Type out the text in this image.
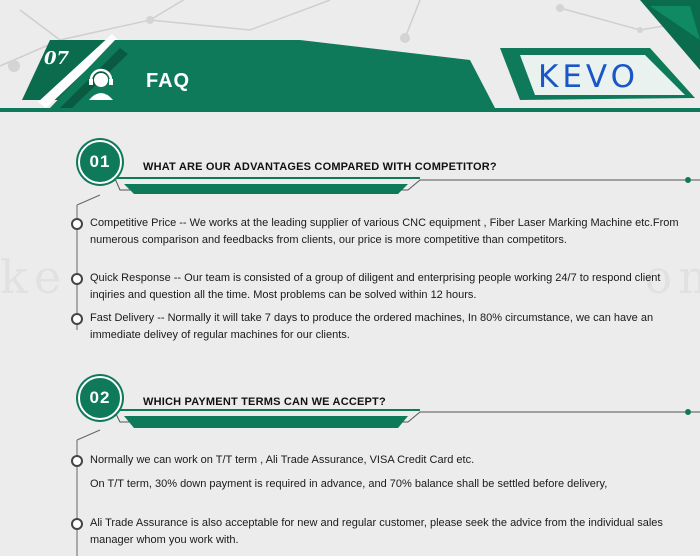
07
FAQ	KEVO
01	WHAT ARE OUR ADVANTAGES COMPARED WITH COMPETITOR?
Competitive Price -- We works at the leading supplier of various CNC equipment , Fiber Laser Marking Machine etc.From numerous comparison and feedbacks from clients, our price is more competitive than competitors.
Quick Response -- Our team is consisted of a group of diligent and enterprising people working 24/7 to respond client inqiries and question all the time. Most problems can be solved within 12 hours.
Fast Delivery -- Normally it will take 7 days to produce the ordered machines, In 80% circumstance, we can have an immediate delivey of regular machines for our clients.
02	WHICH PAYMENT TERMS CAN WE ACCEPT?
Normally we can work on T/T term , Ali Trade Assurance, VISA Credit Card etc.
On T/T term, 30% down payment is required in advance, and 70% balance shall be settled before delivery,
Ali Trade Assurance is also acceptable for new and regular customer, please seek the advice from the individual sales manager whom you work with.
